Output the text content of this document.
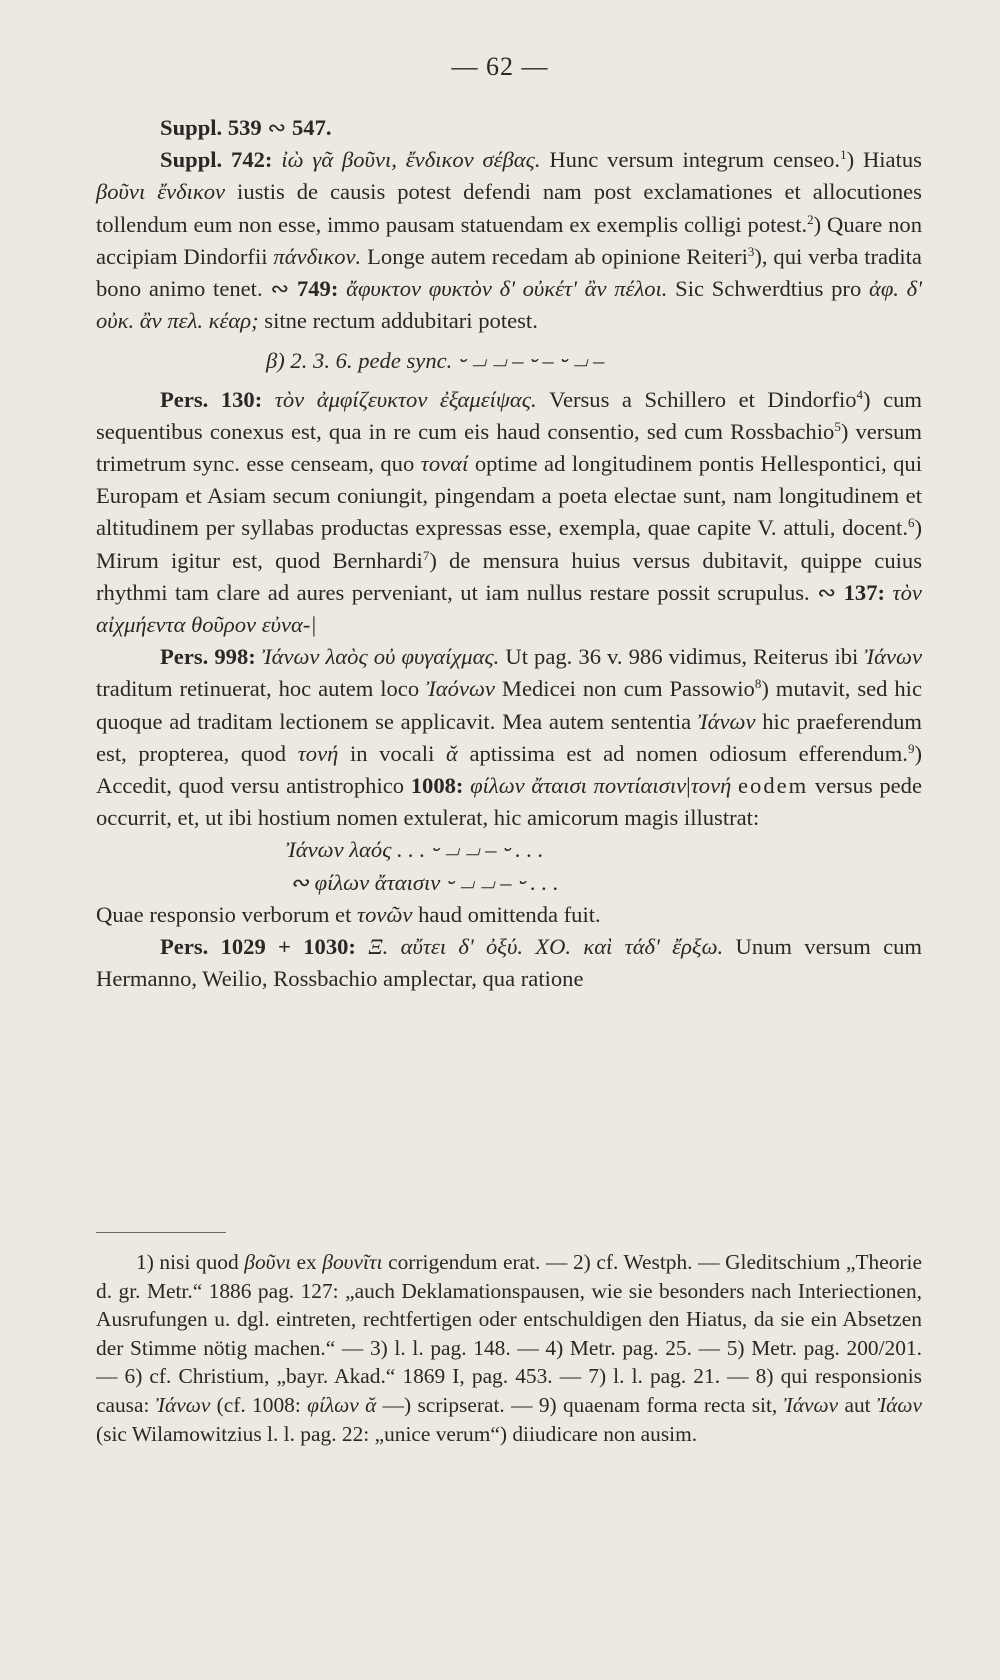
— 62 —

Suppl. 539 ∾ 547.

Suppl. 742: ἰὼ γᾶ βοῦνι, ἔνδικον σέβας. Hunc versum integrum censeo.$^1$) Hiatus βοῦνι ἔνδικον iustis de causis potest defendi nam post exclamationes et allocutiones tollendum eum non esse, immo pausam statuendam ex exemplis colligi potest.$^2$) Quare non accipiam Dindorfii πάνδικον. Longe autem recedam ab opinione Reiteri$^3$), qui verba tradita bono animo tenet. ∾ 749: ἄφυκτον φυκτὸν δ' οὐκέτ' ἂν πέλοι. Sic Schwerdtius pro ἀφ. δ' οὐκ. ἂν πελ. κέαρ; sitne rectum addubitari potest.

β) 2. 3. 6. pede sync. ⏑ ⏗ ⏗ – ⏑ – ⏑ ⏗ –

Pers. 130: τὸν ἀμφίζευκτον ἐξαμείψας. Versus a Schillero et Dindorfio$^4$) cum sequentibus conexus est, qua in re cum eis haud consentio, sed cum Rossbachio$^5$) versum trimetrum sync. esse censeam, quo τοναί optime ad longitudinem pontis Hellespontici, qui Europam et Asiam secum coniungit, pingendam a poeta electae sunt, nam longitudinem et altitudinem per syllabas productas expressas esse, exempla, quae capite V. attuli, docent.$^6$) Mirum igitur est, quod Bernhardi$^7$) de mensura huius versus dubitavit, quippe cuius rhythmi tam clare ad aures perveniant, ut iam nullus restare possit scrupulus. ∾ 137: τὸν αἰχμήεντα θοῦρον εὐνα-|

Pers. 998: Ἰάνων λαὸς οὐ φυγαίχμας. Ut pag. 36 v. 986 vidimus, Reiterus ibi Ἰάνων traditum retinuerat, hoc autem loco Ἰαόνων Medicei non cum Passowio$^8$) mutavit, sed hic quoque ad traditam lectionem se applicavit. Mea autem sententia Ἰάνων hic praeferendum est, propterea, quod τονή in vocali ᾰ aptissima est ad nomen odiosum efferendum.$^9$) Accedit, quod versu antistrophico 1008: φίλων ἄταισι ποντίαισιν|τονή eodem versus pede occurrit, et, ut ibi hostium nomen extulerat, hic amicorum magis illustrat:

Ἰάνων λαός . . . ⏑ ⏗ ⏗ – ⏑ . . .

∾ φίλων ἄταισιν ⏑ ⏗ ⏗ – ⏑ . . .

Quae responsio verborum et τονῶν haud omittenda fuit.

Pers. 1029 + 1030: Ξ. αὔτει δ' ὀξύ. ΧΟ. καὶ τάδ' ἔρξω. Unum versum cum Hermanno, Weilio, Rossbachio amplectar, qua ratione

1) nisi quod βοῦνι ex βουνῖτι corrigendum erat. — 2) cf. Westph. — Gleditschium „Theorie d. gr. Metr.“ 1886 pag. 127: „auch Deklamationspausen, wie sie besonders nach Interiectionen, Ausrufungen u. dgl. eintreten, rechtfertigen oder entschuldigen den Hiatus, da sie ein Absetzen der Stimme nötig machen.“ — 3) l. l. pag. 148. — 4) Metr. pag. 25. — 5) Metr. pag. 200/201. — 6) cf. Christium, „bayr. Akad.“ 1869 I, pag. 453. — 7) l. l. pag. 21. — 8) qui responsionis causa: Ἰάνων (cf. 1008: φίλων ᾰ —) scripserat. — 9) quaenam forma recta sit, Ἰάνων aut Ἰάων (sic Wilamowitzius l. l. pag. 22: „unice verum“) diiudicare non ausim.
